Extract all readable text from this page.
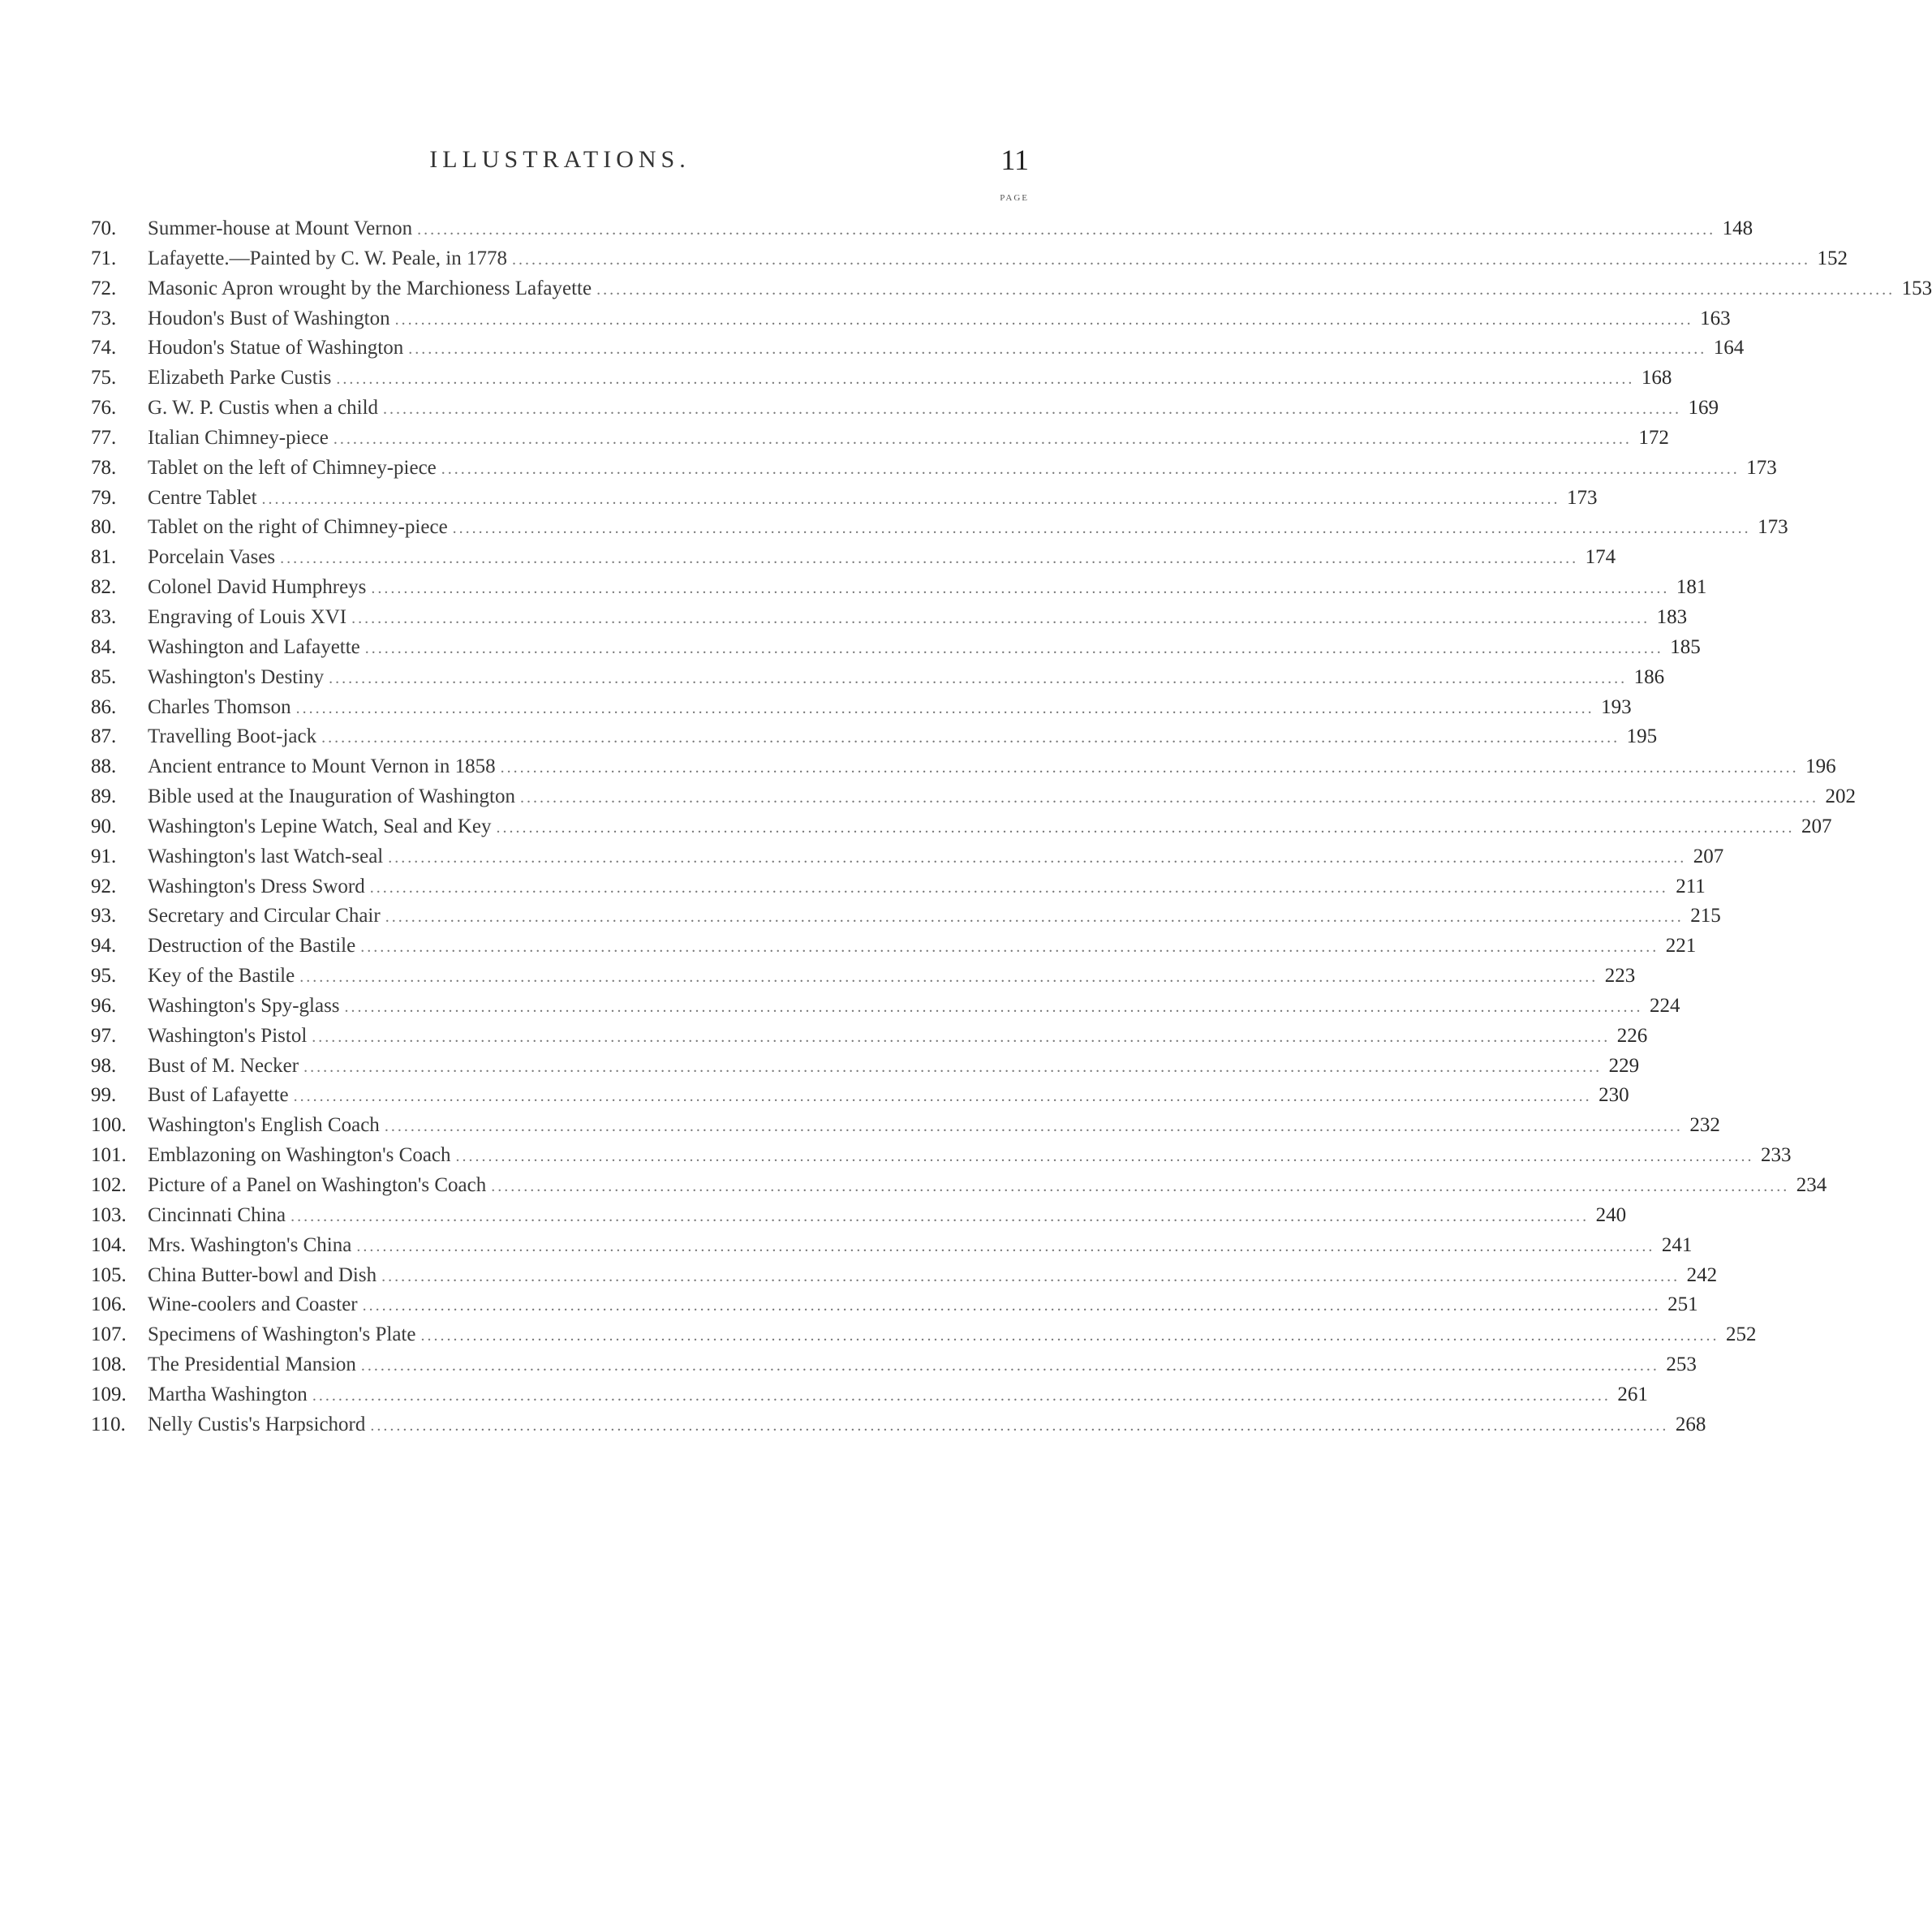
ILLUSTRATIONS.	11
PAGE
70.	Summer-house at Mount Vernon ........................................................................................................................................................................................................ 148
71.	Lafayette.—Painted by C. W. Peale, in 1778 ........................................................................................................................................................................................................ 152
72.	Masonic Apron wrought by the Marchioness Lafayette ........................................................................................................................................................................................................ 153
73.	Houdon's Bust of Washington ........................................................................................................................................................................................................ 163
74.	Houdon's Statue of Washington ........................................................................................................................................................................................................ 164
75.	Elizabeth Parke Custis ........................................................................................................................................................................................................ 168
76.	G. W. P. Custis when a child ........................................................................................................................................................................................................ 169
77.	Italian Chimney-piece ........................................................................................................................................................................................................ 172
78.	Tablet on the left of Chimney-piece ........................................................................................................................................................................................................ 173
79.	Centre Tablet ........................................................................................................................................................................................................ 173
80.	Tablet on the right of Chimney-piece ........................................................................................................................................................................................................ 173
81.	Porcelain Vases ........................................................................................................................................................................................................ 174
82.	Colonel David Humphreys ........................................................................................................................................................................................................ 181
83.	Engraving of Louis XVI ........................................................................................................................................................................................................ 183
84.	Washington and Lafayette ........................................................................................................................................................................................................ 185
85.	Washington's Destiny ........................................................................................................................................................................................................ 186
86.	Charles Thomson ........................................................................................................................................................................................................ 193
87.	Travelling Boot-jack ........................................................................................................................................................................................................ 195
88.	Ancient entrance to Mount Vernon in 1858 ........................................................................................................................................................................................................ 196
89.	Bible used at the Inauguration of Washington ........................................................................................................................................................................................................ 202
90.	Washington's Lepine Watch, Seal and Key ........................................................................................................................................................................................................ 207
91.	Washington's last Watch-seal ........................................................................................................................................................................................................ 207
92.	Washington's Dress Sword ........................................................................................................................................................................................................ 211
93.	Secretary and Circular Chair ........................................................................................................................................................................................................ 215
94.	Destruction of the Bastile ........................................................................................................................................................................................................ 221
95.	Key of the Bastile ........................................................................................................................................................................................................ 223
96.	Washington's Spy-glass ........................................................................................................................................................................................................ 224
97.	Washington's Pistol ........................................................................................................................................................................................................ 226
98.	Bust of M. Necker ........................................................................................................................................................................................................ 229
99.	Bust of Lafayette ........................................................................................................................................................................................................ 230
100.	Washington's English Coach ........................................................................................................................................................................................................ 232
101.	Emblazoning on Washington's Coach ........................................................................................................................................................................................................ 233
102.	Picture of a Panel on Washington's Coach ........................................................................................................................................................................................................ 234
103.	Cincinnati China ........................................................................................................................................................................................................ 240
104.	Mrs. Washington's China ........................................................................................................................................................................................................ 241
105.	China Butter-bowl and Dish ........................................................................................................................................................................................................ 242
106.	Wine-coolers and Coaster ........................................................................................................................................................................................................ 251
107.	Specimens of Washington's Plate ........................................................................................................................................................................................................ 252
108.	The Presidential Mansion ........................................................................................................................................................................................................ 253
109.	Martha Washington ........................................................................................................................................................................................................ 261
110.	Nelly Custis's Harpsichord ........................................................................................................................................................................................................ 268
